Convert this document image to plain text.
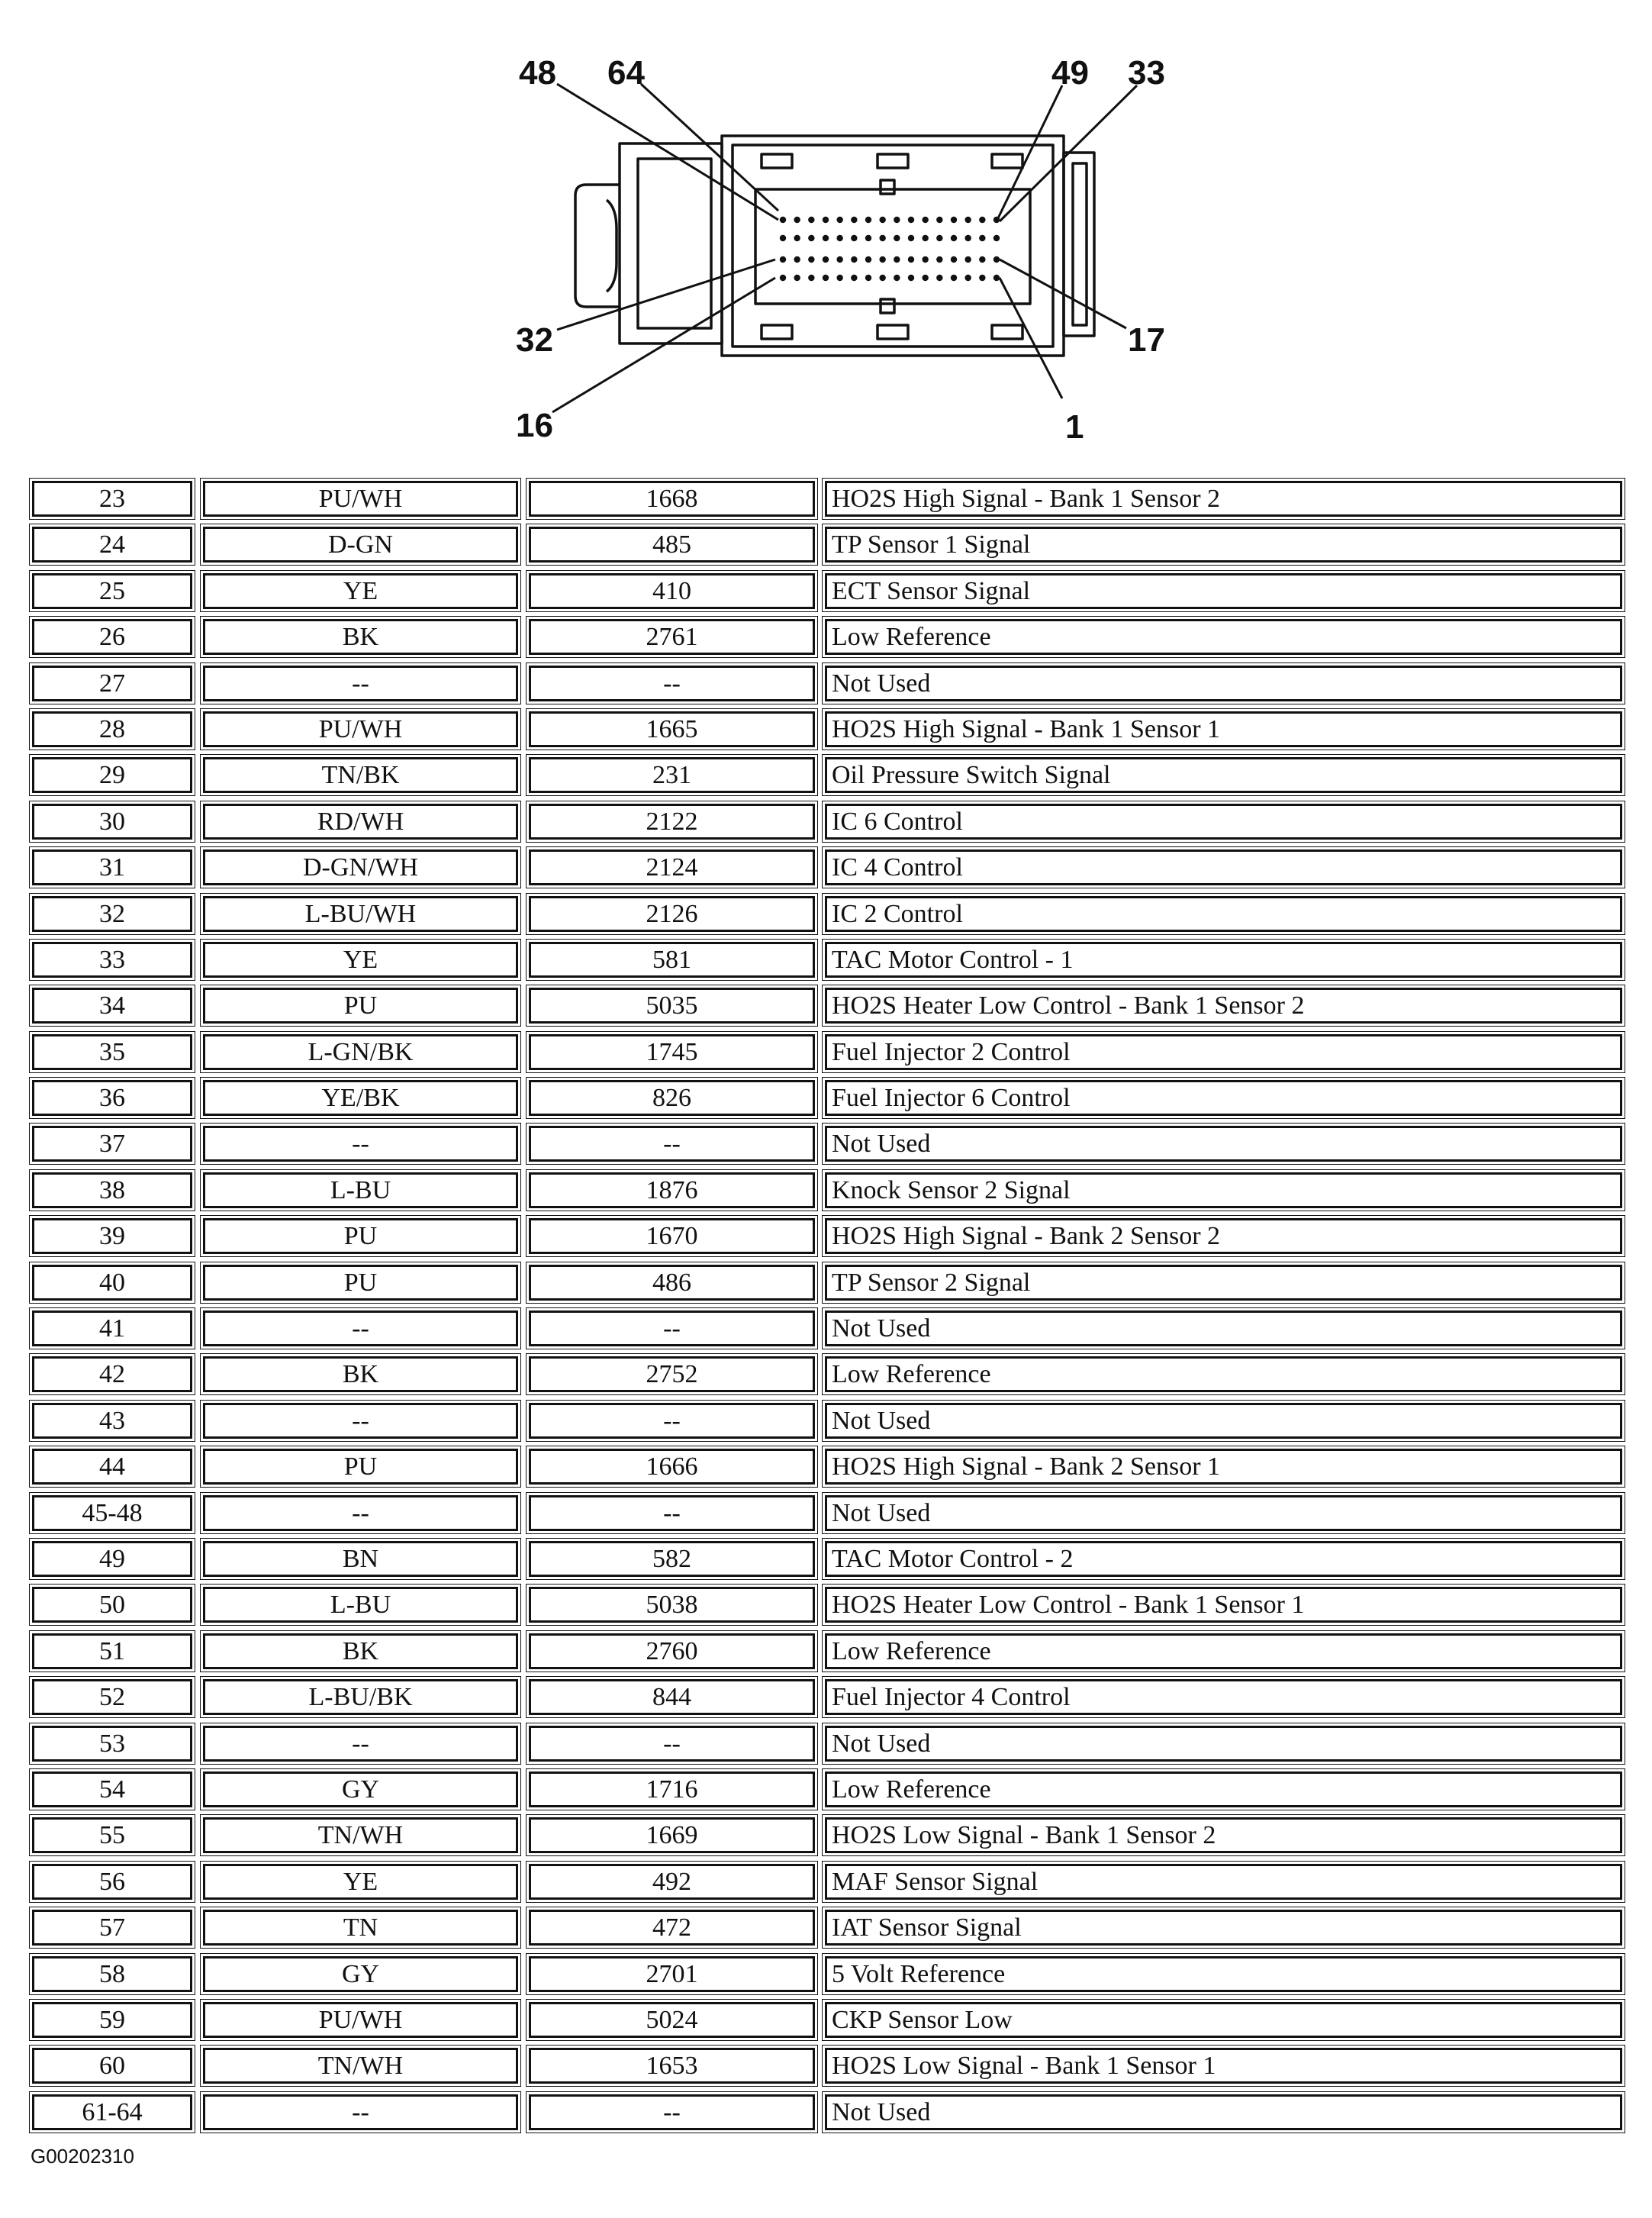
48 64	49 33
32
16
17
1
23	PU/WH	1668	HO2S High Signal - Bank 1 Sensor 2
24	D-GN	485	TP Sensor 1 Signal
25	YE	410	ECT Sensor Signal
26	BK	2761	Low Reference
27	--	--	Not Used
28	PU/WH	1665	HO2S High Signal - Bank 1 Sensor 1
29	TN/BK	231	Oil Pressure Switch Signal
30	RD/WH	2122	IC 6 Control
31	D-GN/WH	2124	IC 4 Control
32	L-BU/WH	2126	IC 2 Control
33	YE	581	TAC Motor Control - 1
34	PU	5035	HO2S Heater Low Control - Bank 1 Sensor 2
35	L-GN/BK	1745	Fuel Injector 2 Control
36	YE/BK	826	Fuel Injector 6 Control
37	--	--	Not Used
38	L-BU	1876	Knock Sensor 2 Signal
39	PU	1670	HO2S High Signal - Bank 2 Sensor 2
40	PU	486	TP Sensor 2 Signal
41	--	--	Not Used
42	BK	2752	Low Reference
43	--	--	Not Used
44	PU	1666	HO2S High Signal - Bank 2 Sensor 1
45-48	--	--	Not Used
49	BN	582	TAC Motor Control - 2
50	L-BU	5038	HO2S Heater Low Control - Bank 1 Sensor 1
51	BK	2760	Low Reference
52	L-BU/BK	844	Fuel Injector 4 Control
53	--	--	Not Used
54	GY	1716	Low Reference
55	TN/WH	1669	HO2S Low Signal - Bank 1 Sensor 2
56	YE	492	MAF Sensor Signal
57	TN	472	IAT Sensor Signal
58	GY	2701	5 Volt Reference
59	PU/WH	5024	CKP Sensor Low
60	TN/WH	1653	HO2S Low Signal - Bank 1 Sensor 1
61-64	--	--	Not Used
G00202310
